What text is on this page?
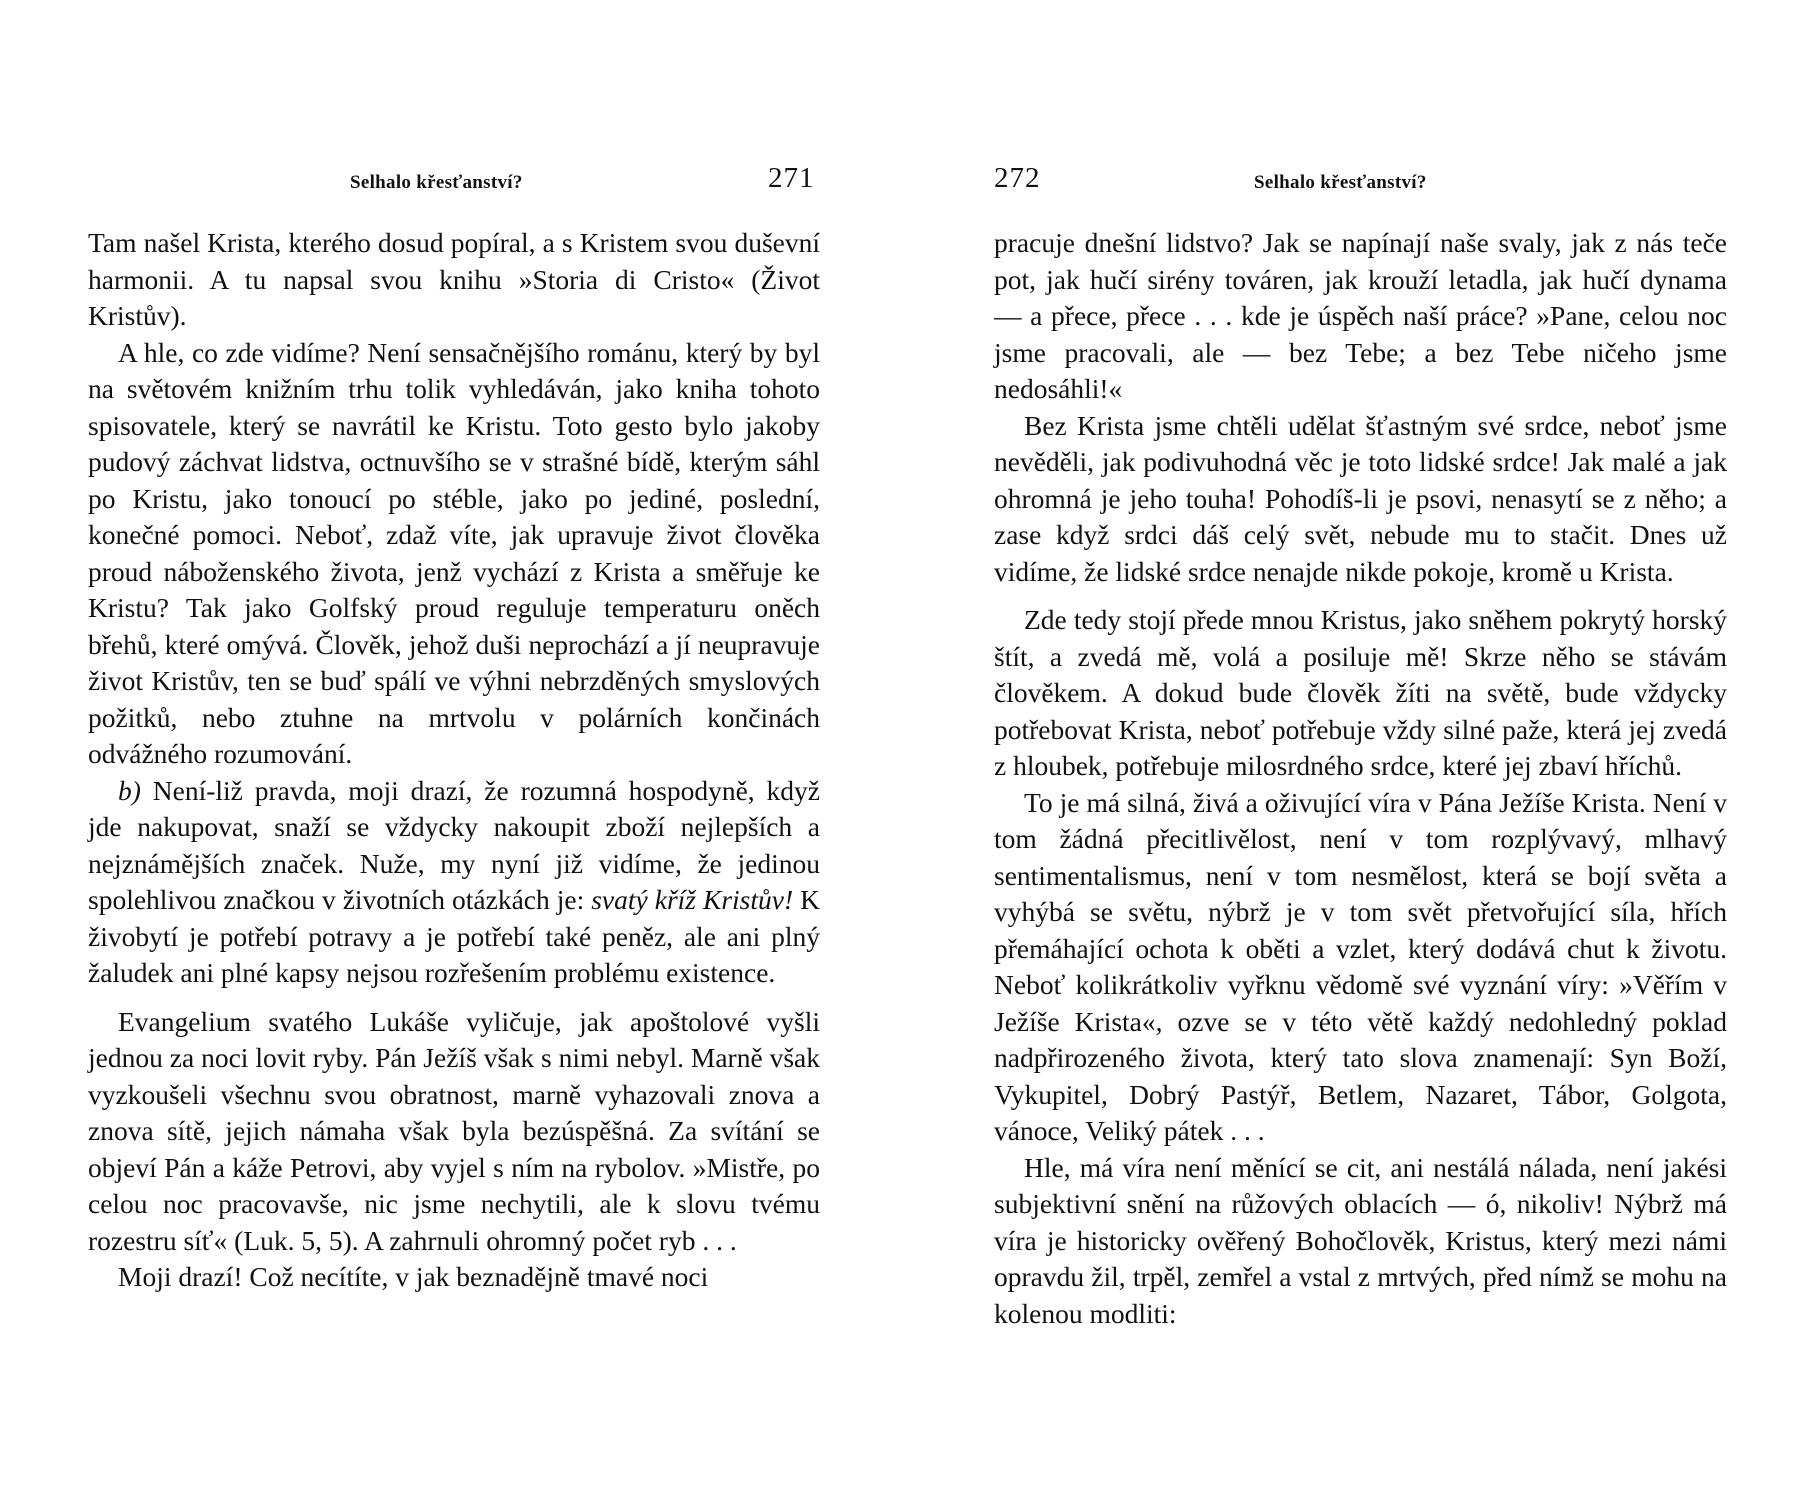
Selhalo křesťanství?	271

Tam našel Krista, kterého dosud popíral, a s Kristem svou duševní harmonii. A tu napsal svou knihu »Storia di Cristo« (Život Kristův).

A hle, co zde vidíme? Není sensačnějšího románu, který by byl na světovém knižním trhu tolik vyhledáván, jako kniha tohoto spisovatele, který se navrátil ke Kristu. Toto gesto bylo jakoby pudový záchvat lidstva, octnuvšího se v strašné bídě, kterým sáhl po Kristu, jako tonoucí po stéble, jako po jediné, poslední, konečné pomoci. Neboť, zdaž víte, jak upravuje život člověka proud náboženského života, jenž vychází z Krista a směřuje ke Kristu? Tak jako Golfský proud reguluje temperaturu oněch břehů, které omývá. Člověk, jehož duši neprochází a jí neupravuje život Kristův, ten se buď spálí ve výhni nebrzděných smyslových požitků, nebo ztuhne na mrtvolu v polárních končinách odvážného rozumování.

b) Není-liž pravda, moji drazí, že rozumná hospodyně, když jde nakupovat, snaží se vždycky nakoupit zboží nejlepších a nejznámějších značek. Nuže, my nyní již vidíme, že jedinou spolehlivou značkou v životních otázkách je: svatý kříž Kristův! K živobytí je potřebí potravy a je potřebí také peněz, ale ani plný žaludek ani plné kapsy nejsou rozřešením problému existence.

Evangelium svatého Lukáše vyličuje, jak apoštolové vyšli jednou za noci lovit ryby. Pán Ježíš však s nimi nebyl. Marně však vyzkoušeli všechnu svou obratnost, marně vyhazovali znova a znova sítě, jejich námaha však byla bezúspěšná. Za svítání se objeví Pán a káže Petrovi, aby vyjel s ním na rybolov. »Mistře, po celou noc pracovavše, nic jsme nechytili, ale k slovu tvému rozestru síť« (Luk. 5, 5). A zahrnuli ohromný počet ryb . . .

Moji drazí! Což necítíte, v jak beznadějně tmavé noci

272	Selhalo křesťanství?

pracuje dnešní lidstvo? Jak se napínají naše svaly, jak z nás teče pot, jak hučí sirény továren, jak krouží letadla, jak hučí dynama — a přece, přece . . . kde je úspěch naší práce? »Pane, celou noc jsme pracovali, ale — bez Tebe; a bez Tebe ničeho jsme nedosáhli!«

Bez Krista jsme chtěli udělat šťastným své srdce, neboť jsme nevěděli, jak podivuhodná věc je toto lidské srdce! Jak malé a jak ohromná je jeho touha! Pohodíš-li je psovi, nenasytí se z něho; a zase když srdci dáš celý svět, nebude mu to stačit. Dnes už vidíme, že lidské srdce nenajde nikde pokoje, kromě u Krista.

Zde tedy stojí přede mnou Kristus, jako sněhem pokrytý horský štít, a zvedá mě, volá a posiluje mě! Skrze něho se stávám člověkem. A dokud bude člověk žíti na světě, bude vždycky potřebovat Krista, neboť potřebuje vždy silné paže, která jej zvedá z hloubek, potřebuje milosrdného srdce, které jej zbaví hříchů.

To je má silná, živá a oživující víra v Pána Ježíše Krista. Není v tom žádná přecitlivělost, není v tom rozplývavý, mlhavý sentimentalismus, není v tom nesmělost, která se bojí světa a vyhýbá se světu, nýbrž je v tom svět přetvořující síla, hřích přemáhající ochota k oběti a vzlet, který dodává chut k životu. Neboť kolikrátkoliv vyřknu vědomě své vyznání víry: »Věřím v Ježíše Krista«, ozve se v této větě každý nedohledný poklad nadpřirozeného života, který tato slova znamenají: Syn Boží, Vykupitel, Dobrý Pastýř, Betlem, Nazaret, Tábor, Golgota, vánoce, Veliký pátek . . .

Hle, má víra není měnící se cit, ani nestálá nálada, není jakési subjektivní snění na růžových oblacích — ó, nikoliv! Nýbrž má víra je historicky ověřený Bohočlověk, Kristus, který mezi námi opravdu žil, trpěl, zemřel a vstal z mrtvých, před nímž se mohu na kolenou modliti:
